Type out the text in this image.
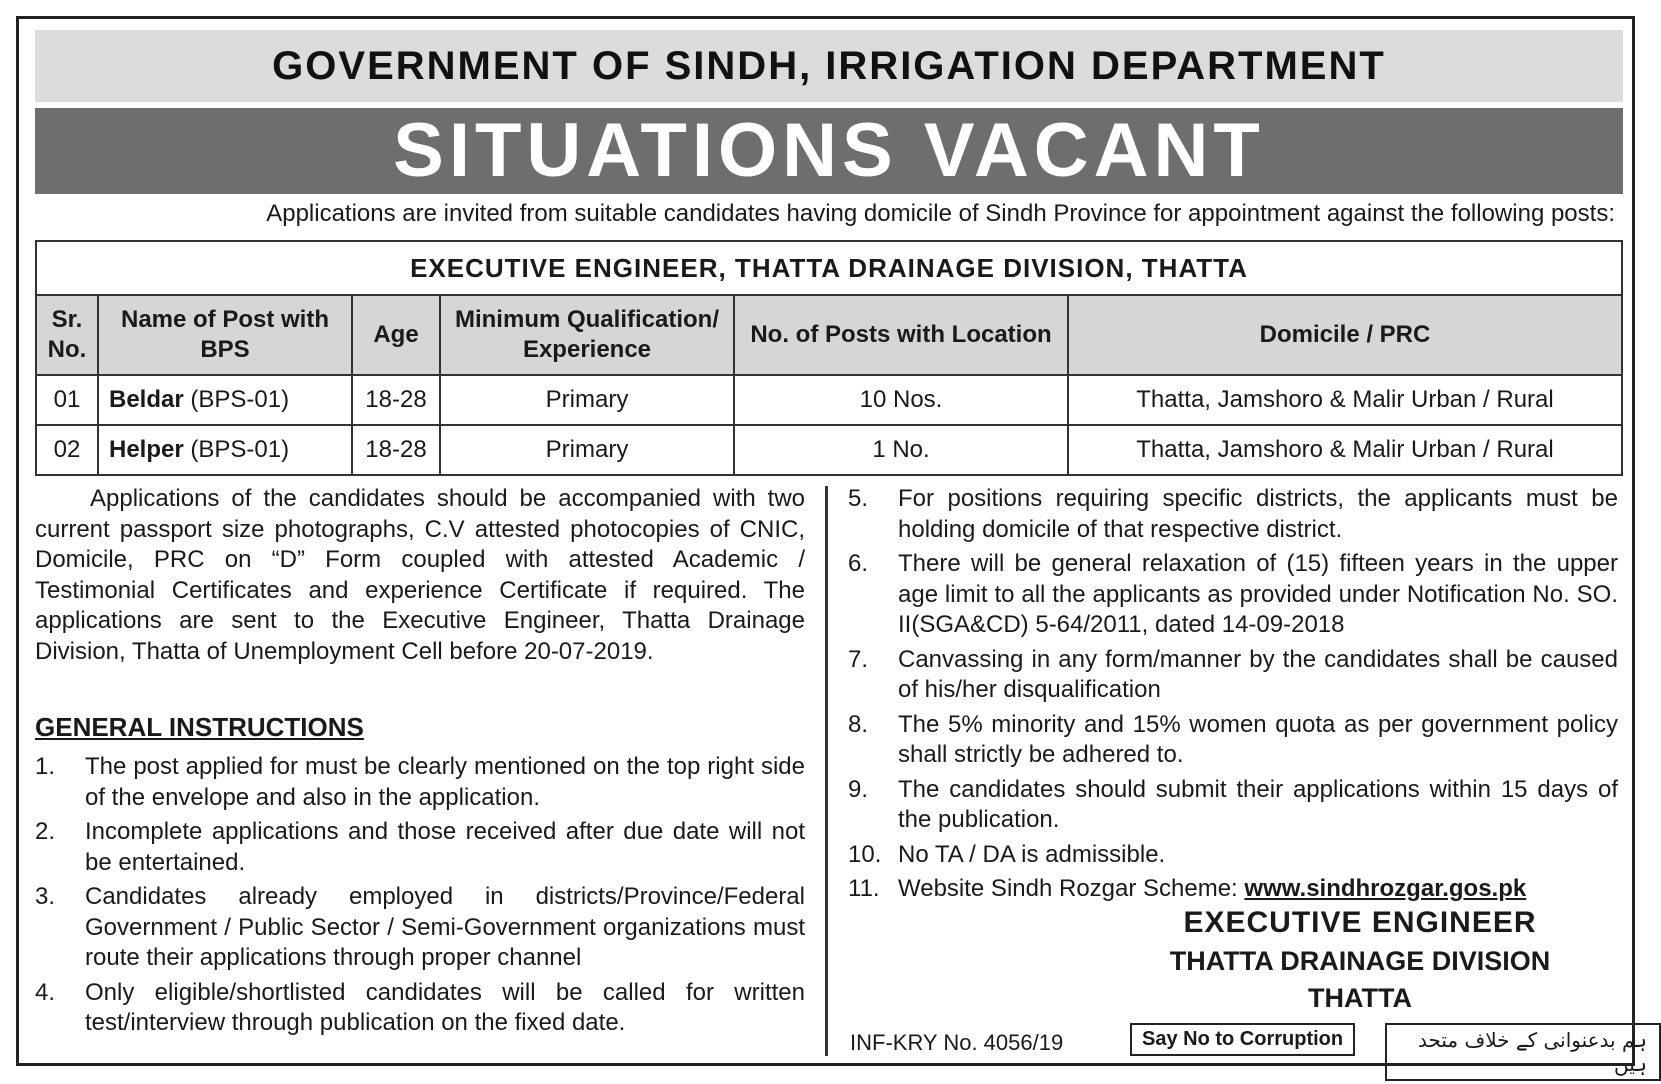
GOVERNMENT OF SINDH, IRRIGATION DEPARTMENT
SITUATIONS VACANT
Applications are invited from suitable candidates having domicile of Sindh Province for appointment against the following posts:
EXECUTIVE ENGINEER, THATTA DRAINAGE DIVISION, THATTA					
Sr. No.	Name of Post with BPS	Age	Minimum Qualification/ Experience	No. of Posts with Location	Domicile / PRC
01	Beldar (BPS-01)	18-28	Primary	10 Nos.	Thatta, Jamshoro & Malir Urban / Rural
02	Helper (BPS-01)	18-28	Primary	1 No.	Thatta, Jamshoro & Malir Urban / Rural
Applications of the candidates should be accompanied with two current passport size photographs, C.V attested photocopies of CNIC, Domicile, PRC on “D” Form coupled with attested Academic / Testimonial Certificates and experience Certificate if required. The applications are sent to the Executive Engineer, Thatta Drainage Division, Thatta of Unemployment Cell before 20-07-2019.
GENERAL INSTRUCTIONS
1. The post applied for must be clearly mentioned on the top right side of the envelope and also in the application.
2. Incomplete applications and those received after due date will not be entertained.
3. Candidates already employed in districts/Province/Federal Government / Public Sector / Semi-Government organizations must route their applications through proper channel
4. Only eligible/shortlisted candidates will be called for written test/interview through publication on the fixed date.
5. For positions requiring specific districts, the applicants must be holding domicile of that respective district.
6. There will be general relaxation of (15) fifteen years in the upper age limit to all the applicants as provided under Notification No. SO. II(SGA&CD) 5-64/2011, dated 14-09-2018
7. Canvassing in any form/manner by the candidates shall be caused of his/her disqualification
8. The 5% minority and 15% women quota as per government policy shall strictly be adhered to.
9. The candidates should submit their applications within 15 days of the publication.
10. No TA / DA is admissible.
11. Website Sindh Rozgar Scheme: www.sindhrozgar.gos.pk
EXECUTIVE ENGINEER
THATTA DRAINAGE DIVISION
THATTA
INF-KRY No. 4056/19	Say No to Corruption	ہم بدعنوانی کے خلاف متحد ہیں
